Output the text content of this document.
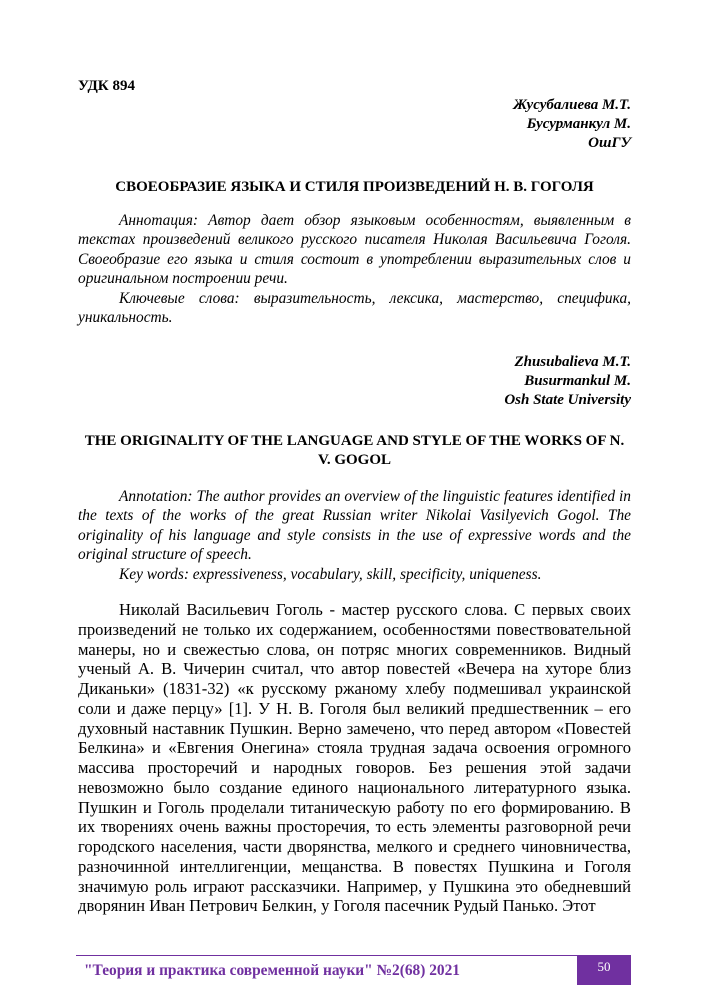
УДК 894
Жусубалиева М.Т.
Бусурманкул М.
ОшГУ
СВОЕОБРАЗИЕ ЯЗЫКА И СТИЛЯ ПРОИЗВЕДЕНИЙ Н. В. ГОГОЛЯ

Аннотация: Автор дает обзор языковым особенностям, выявленным в текстах произведений великого русского писателя Николая Васильевича Гоголя. Своеобразие его языка и стиля состоит в употреблении выразительных слов и оригинальном построении речи.

Ключевые слова: выразительность, лексика, мастерство, специфика, уникальность.

Zhusubalieva M.T.
Busurmankul M.
Osh State University
THE ORIGINALITY OF THE LANGUAGE AND STYLE OF THE WORKS OF N. V. GOGOL

Annotation: The author provides an overview of the linguistic features identified in the texts of the works of the great Russian writer Nikolai Vasilyevich Gogol. The originality of his language and style consists in the use of expressive words and the original structure of speech.

Key words: expressiveness, vocabulary, skill, specificity, uniqueness.

Николай Васильевич Гоголь - мастер русского слова. С первых своих произведений не только их содержанием, особенностями повествовательной манеры, но и свежестью слова, он потряс многих современников. Видный ученый А. В. Чичерин считал, что автор повестей «Вечера на хуторе близ Диканьки» (1831-32) «к русскому ржаному хлебу подмешивал украинской соли и даже перцу» [1]. У Н. В. Гоголя был великий предшественник – его духовный наставник Пушкин. Верно замечено, что перед автором «Повестей Белкина» и «Евгения Онегина» стояла трудная задача освоения огромного массива просторечий и народных говоров. Без решения этой задачи невозможно было создание единого национального литературного языка. Пушкин и Гоголь проделали титаническую работу по его формированию. В их творениях очень важны просторечия, то есть элементы разговорной речи городского населения, части дворянства, мелкого и среднего чиновничества, разночинной интеллигенции, мещанства. В повестях Пушкина и Гоголя значимую роль играют рассказчики. Например, у Пушкина это обедневший дворянин Иван Петрович Белкин, у Гоголя пасечник Рудый Панько. Этот

"Теория и практика современной науки" №2(68) 2021	50
